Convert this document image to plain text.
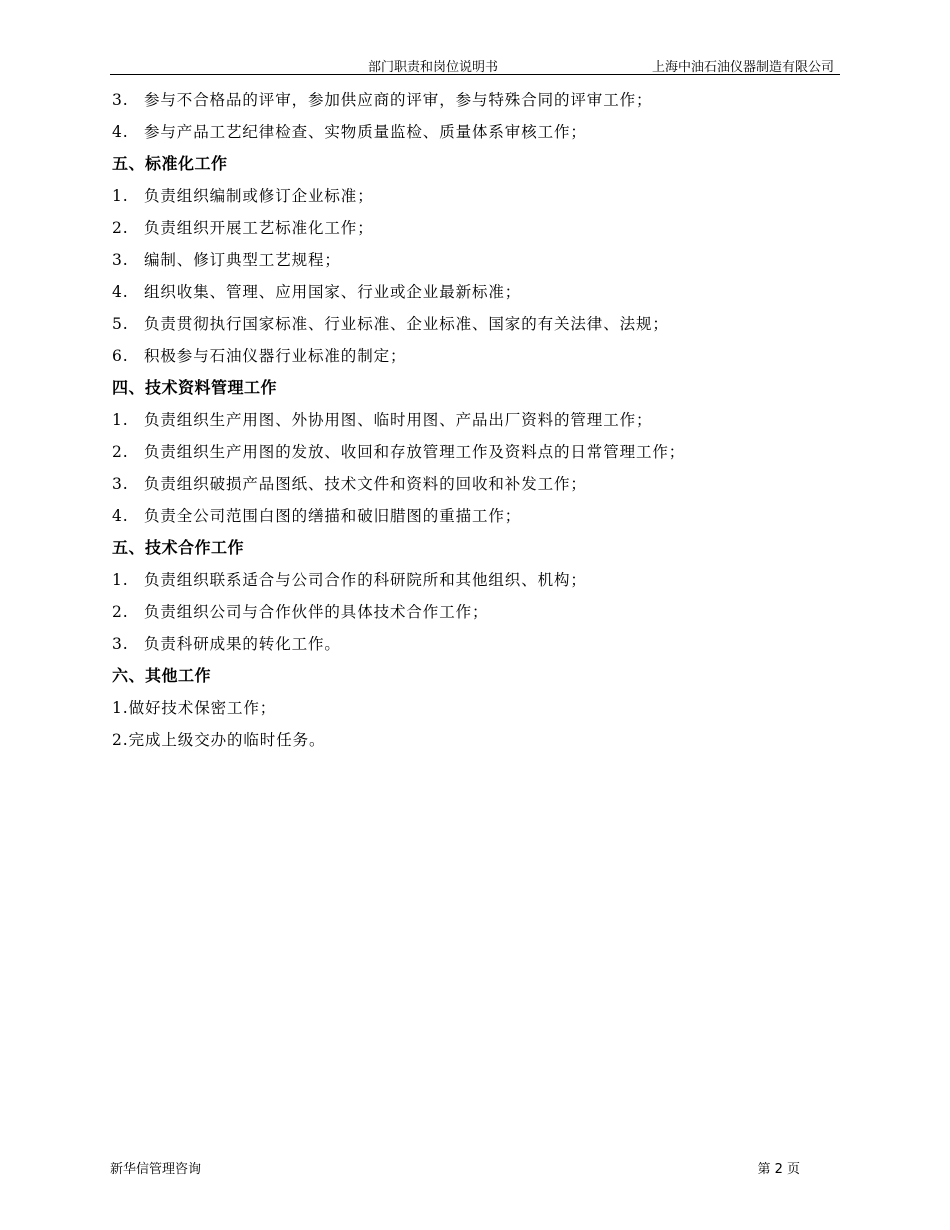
部门职责和岗位说明书	上海中油石油仪器制造有限公司
3. 参与不合格品的评审，参加供应商的评审，参与特殊合同的评审工作；
4. 参与产品工艺纪律检查、实物质量监检、质量体系审核工作；
五、标准化工作
1. 负责组织编制或修订企业标准；
2. 负责组织开展工艺标准化工作；
3. 编制、修订典型工艺规程；
4. 组织收集、管理、应用国家、行业或企业最新标准；
5. 负责贯彻执行国家标准、行业标准、企业标准、国家的有关法律、法规；
6. 积极参与石油仪器行业标准的制定；
四、技术资料管理工作
1. 负责组织生产用图、外协用图、临时用图、产品出厂资料的管理工作；
2. 负责组织生产用图的发放、收回和存放管理工作及资料点的日常管理工作；
3. 负责组织破损产品图纸、技术文件和资料的回收和补发工作；
4. 负责全公司范围白图的缮描和破旧腊图的重描工作；
五、技术合作工作
1. 负责组织联系适合与公司合作的科研院所和其他组织、机构；
2. 负责组织公司与合作伙伴的具体技术合作工作；
3. 负责科研成果的转化工作。
六、其他工作
1.做好技术保密工作；
2.完成上级交办的临时任务。
新华信管理咨询	第 2 页
